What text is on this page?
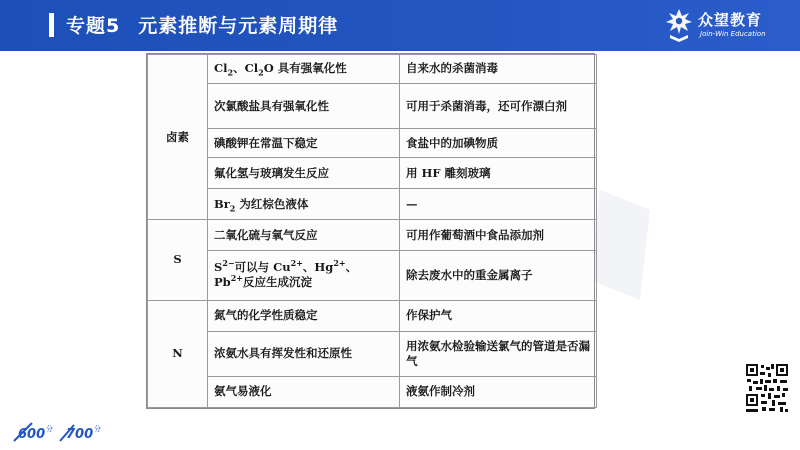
专题5 元素推断与元素周期律	众望教育
Join-Win Education
卤素	$Cl_2$、$Cl_2O$ 具有强氧化性	自来水的杀菌消毒
	次氯酸盐具有强氧化性	可用于杀菌消毒，还可作漂白剂
	碘酸钾在常温下稳定	食盐中的加碘物质
	氟化氢与玻璃发生反应	用 HF 雕刻玻璃
	$Br_2$ 为红棕色液体	—
S	二氧化硫与氧气反应	可用作葡萄酒中食品添加剂
	$S^{2-}$可以与 $Cu^{2+}$、$Hg^{2+}$、$Pb^{2+}$反应生成沉淀	除去废水中的重金属离子
N	氮气的化学性质稳定	作保护气
	浓氨水具有挥发性和还原性	用浓氨水检验输送氯气的管道是否漏气
	氨气易液化	液氨作制冷剂
600 分 700 分
